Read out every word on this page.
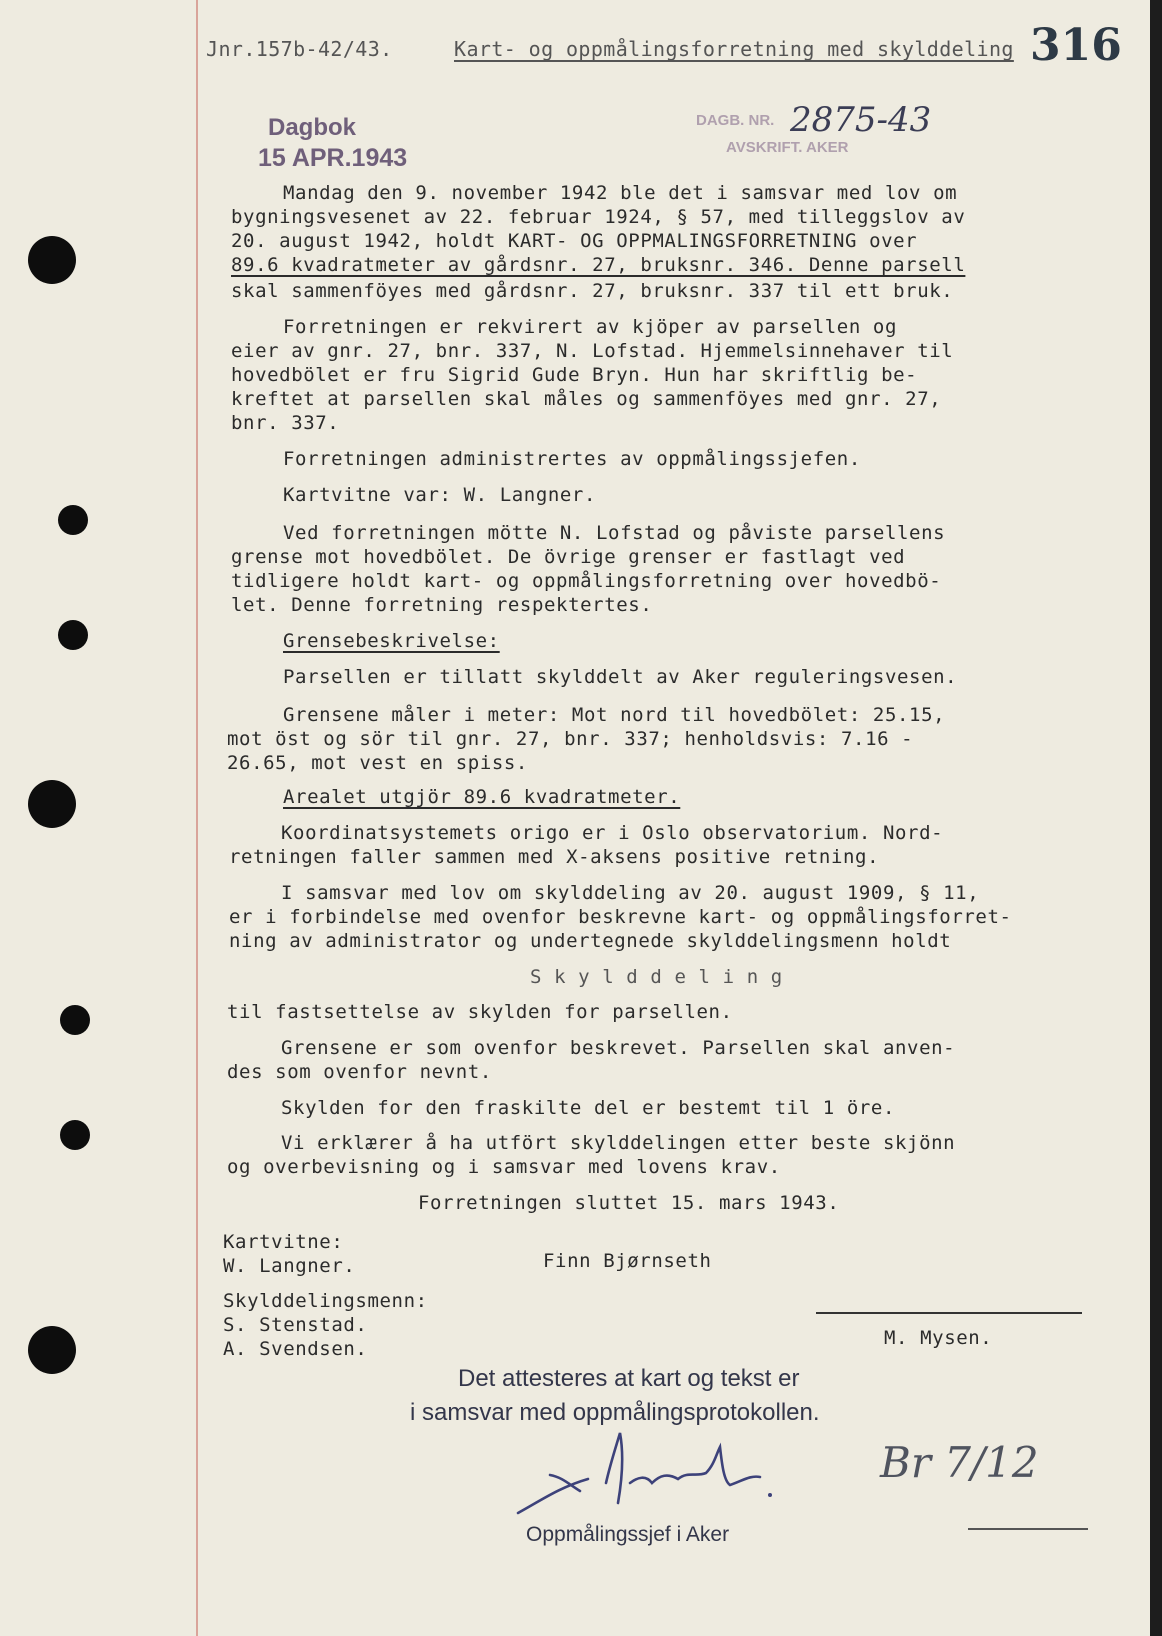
Jnr.157b-42/43.	Kart- og oppmålingsforretning med skylddeling 316
Dagbok
15 APR.1943
DAGB. NR. 2875-43
AVSKRIFT. AKER
Mandag den 9. november 1942 ble det i samsvar med lov om
bygningsvesenet av 22. februar 1924, § 57, med tilleggslov av
20. august 1942, holdt KART- OG OPPMALINGSFORRETNING over
89.6 kvadratmeter av gårdsnr. 27, bruksnr. 346. Denne parsell
skal sammenföyes med gårdsnr. 27, bruksnr. 337 til ett bruk.
Forretningen er rekvirert av kjöper av parsellen og
eier av gnr. 27, bnr. 337, N. Lofstad. Hjemmelsinnehaver til
hovedbölet er fru Sigrid Gude Bryn. Hun har skriftlig be-
kreftet at parsellen skal måles og sammenföyes med gnr. 27,
bnr. 337.
Forretningen administrertes av oppmålingssjefen.
Kartvitne var: W. Langner.
Ved forretningen mötte N. Lofstad og påviste parsellens
grense mot hovedbölet. De övrige grenser er fastlagt ved
tidligere holdt kart- og oppmålingsforretning over hovedbö-
let. Denne forretning respektertes.
Grensebeskrivelse:
Parsellen er tillatt skylddelt av Aker reguleringsvesen.
Grensene måler i meter: Mot nord til hovedbölet: 25.15,
mot öst og sör til gnr. 27, bnr. 337; henholdsvis: 7.16 -
26.65, mot vest en spiss.
Arealet utgjör 89.6 kvadratmeter.
Koordinatsystemets origo er i Oslo observatorium. Nord-
retningen faller sammen med X-aksens positive retning.
I samsvar med lov om skylddeling av 20. august 1909, § 11,
er i forbindelse med ovenfor beskrevne kart- og oppmålingsforret-
ning av administrator og undertegnede skylddelingsmenn holdt
S k y l d d e l i n g
til fastsettelse av skylden for parsellen.
Grensene er som ovenfor beskrevet. Parsellen skal anven-
des som ovenfor nevnt.
Skylden for den fraskilte del er bestemt til 1 öre.
Vi erklærer å ha utfört skylddelingen etter beste skjönn
og overbevisning og i samsvar med lovens krav.
Forretningen sluttet 15. mars 1943.
Kartvitne:
W. Langner.	Finn Bjørnseth
Skylddelingsmenn:
S. Stenstad.
A. Svendsen.	M. Mysen.
Det attesteres at kart og tekst er
i samsvar med oppmålingsprotokollen.
Oppmålingssjef i Aker
Br 7/12
